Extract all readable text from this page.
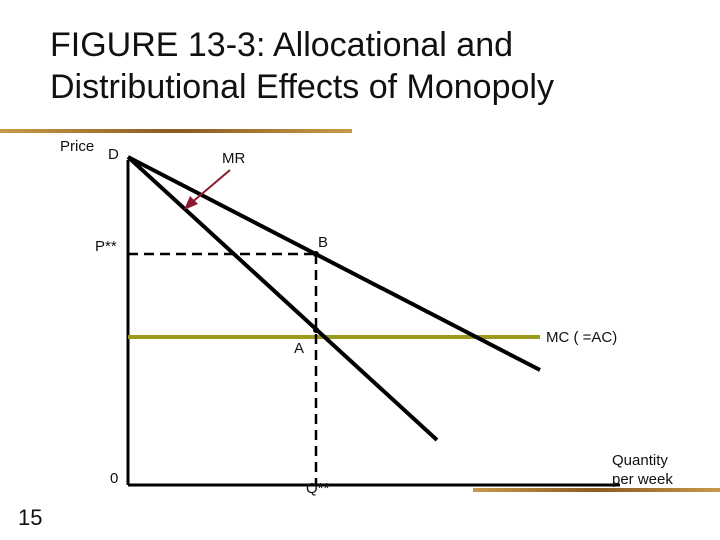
FIGURE 13-3: Allocational and
Distributional Effects of Monopoly
Price D	MR
P**	B
A
MC ( =AC)
0
Q**
Quantity
per week
15
